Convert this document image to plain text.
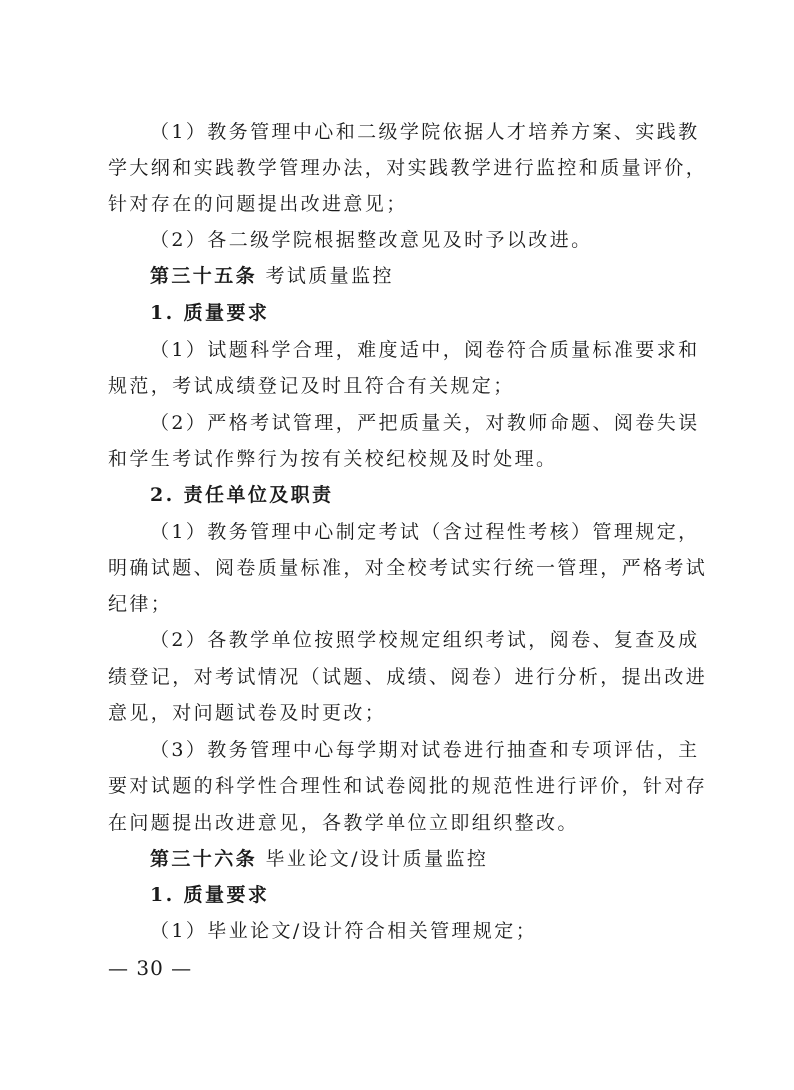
（1）教务管理中心和二级学院依据人才培养方案、实践教
学大纲和实践教学管理办法，对实践教学进行监控和质量评价，
针对存在的问题提出改进意见；
（2）各二级学院根据整改意见及时予以改进。
第三十五条 考试质量监控
1. 质量要求
（1）试题科学合理，难度适中，阅卷符合质量标准要求和
规范，考试成绩登记及时且符合有关规定；
（2）严格考试管理，严把质量关，对教师命题、阅卷失误
和学生考试作弊行为按有关校纪校规及时处理。
2. 责任单位及职责
（1）教务管理中心制定考试（含过程性考核）管理规定，
明确试题、阅卷质量标准，对全校考试实行统一管理，严格考试
纪律；
（2）各教学单位按照学校规定组织考试，阅卷、复查及成
绩登记，对考试情况（试题、成绩、阅卷）进行分析，提出改进
意见，对问题试卷及时更改；
（3）教务管理中心每学期对试卷进行抽查和专项评估，主
要对试题的科学性合理性和试卷阅批的规范性进行评价，针对存
在问题提出改进意见，各教学单位立即组织整改。
第三十六条 毕业论文/设计质量监控
1. 质量要求
（1）毕业论文/设计符合相关管理规定；
— 30 —
